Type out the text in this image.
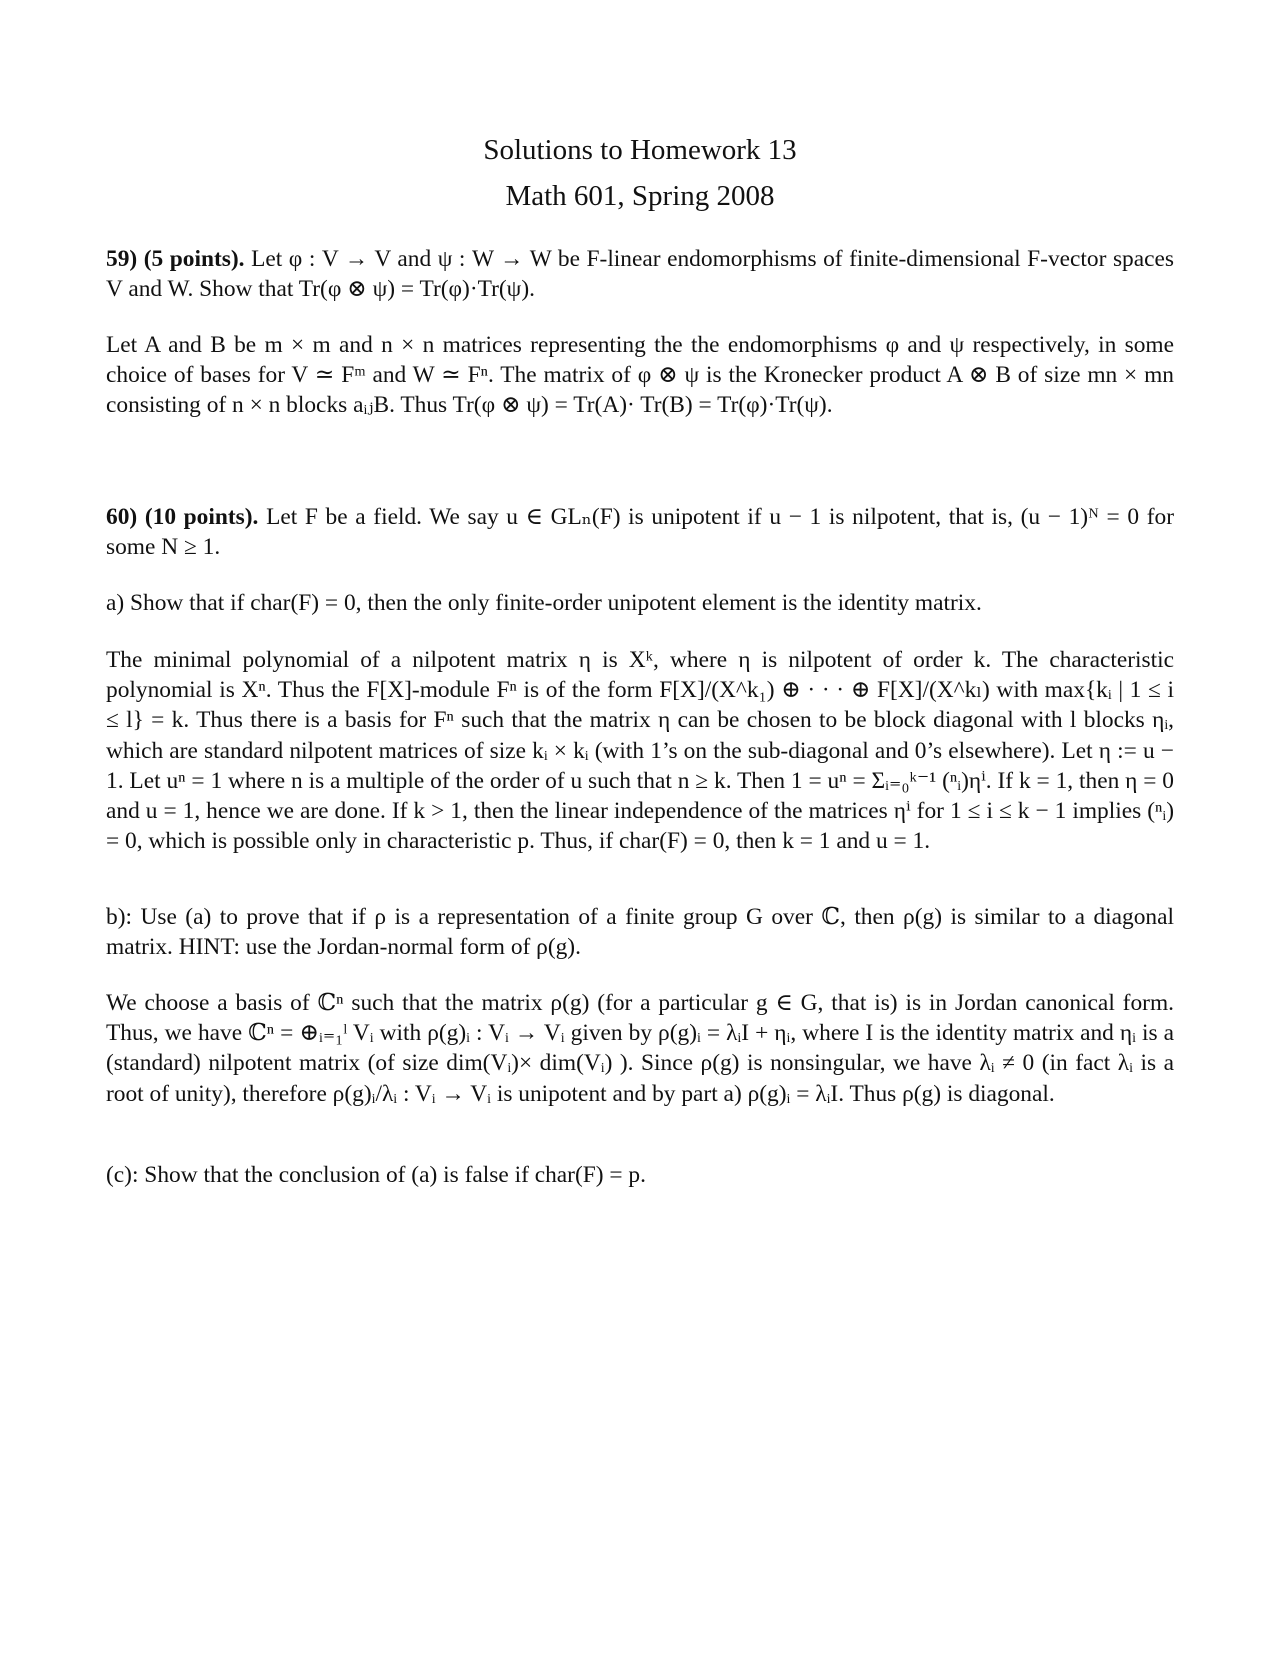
Solutions to Homework 13
Math 601, Spring 2008

59) (5 points). Let φ : V → V and ψ : W → W be F-linear endomorphisms of finite-dimensional F-vector spaces V and W. Show that Tr(φ ⊗ ψ) = Tr(φ)·Tr(ψ).

Let A and B be m × m and n × n matrices representing the the endomorphisms φ and ψ respectively, in some choice of bases for V ≃ Fᵐ and W ≃ Fⁿ. The matrix of φ ⊗ ψ is the Kronecker product A ⊗ B of size mn × mn consisting of n × n blocks aᵢⱼB. Thus Tr(φ ⊗ ψ) = Tr(A)· Tr(B) = Tr(φ)·Tr(ψ).

60) (10 points). Let F be a field. We say u ∈ GLₙ(F) is unipotent if u − 1 is nilpotent, that is, (u − 1)ᴺ = 0 for some N ≥ 1.

a) Show that if char(F) = 0, then the only finite-order unipotent element is the identity matrix.

The minimal polynomial of a nilpotent matrix η is Xᵏ, where η is nilpotent of order k. The characteristic polynomial is Xⁿ. Thus the F[X]-module Fⁿ is of the form F[X]/(X^k₁) ⊕ · · · ⊕ F[X]/(X^kₗ) with max{kᵢ | 1 ≤ i ≤ l} = k. Thus there is a basis for Fⁿ such that the matrix η can be chosen to be block diagonal with l blocks ηᵢ, which are standard nilpotent matrices of size kᵢ × kᵢ (with 1’s on the sub-diagonal and 0’s elsewhere). Let η := u − 1. Let uⁿ = 1 where n is a multiple of the order of u such that n ≥ k. Then 1 = uⁿ = Σᵢ₌₀ᵏ⁻¹ (ⁿᵢ)ηⁱ. If k = 1, then η = 0 and u = 1, hence we are done. If k > 1, then the linear independence of the matrices ηⁱ for 1 ≤ i ≤ k − 1 implies (ⁿᵢ) = 0, which is possible only in characteristic p. Thus, if char(F) = 0, then k = 1 and u = 1.

b): Use (a) to prove that if ρ is a representation of a finite group G over ℂ, then ρ(g) is similar to a diagonal matrix. HINT: use the Jordan-normal form of ρ(g).

We choose a basis of ℂⁿ such that the matrix ρ(g) (for a particular g ∈ G, that is) is in Jordan canonical form. Thus, we have ℂⁿ = ⊕ᵢ₌₁ˡ Vᵢ with ρ(g)ᵢ : Vᵢ → Vᵢ given by ρ(g)ᵢ = λᵢI + ηᵢ, where I is the identity matrix and ηᵢ is a (standard) nilpotent matrix (of size dim(Vᵢ)× dim(Vᵢ) ). Since ρ(g) is nonsingular, we have λᵢ ≠ 0 (in fact λᵢ is a root of unity), therefore ρ(g)ᵢ/λᵢ : Vᵢ → Vᵢ is unipotent and by part a) ρ(g)ᵢ = λᵢI. Thus ρ(g) is diagonal.

(c): Show that the conclusion of (a) is false if char(F) = p.
